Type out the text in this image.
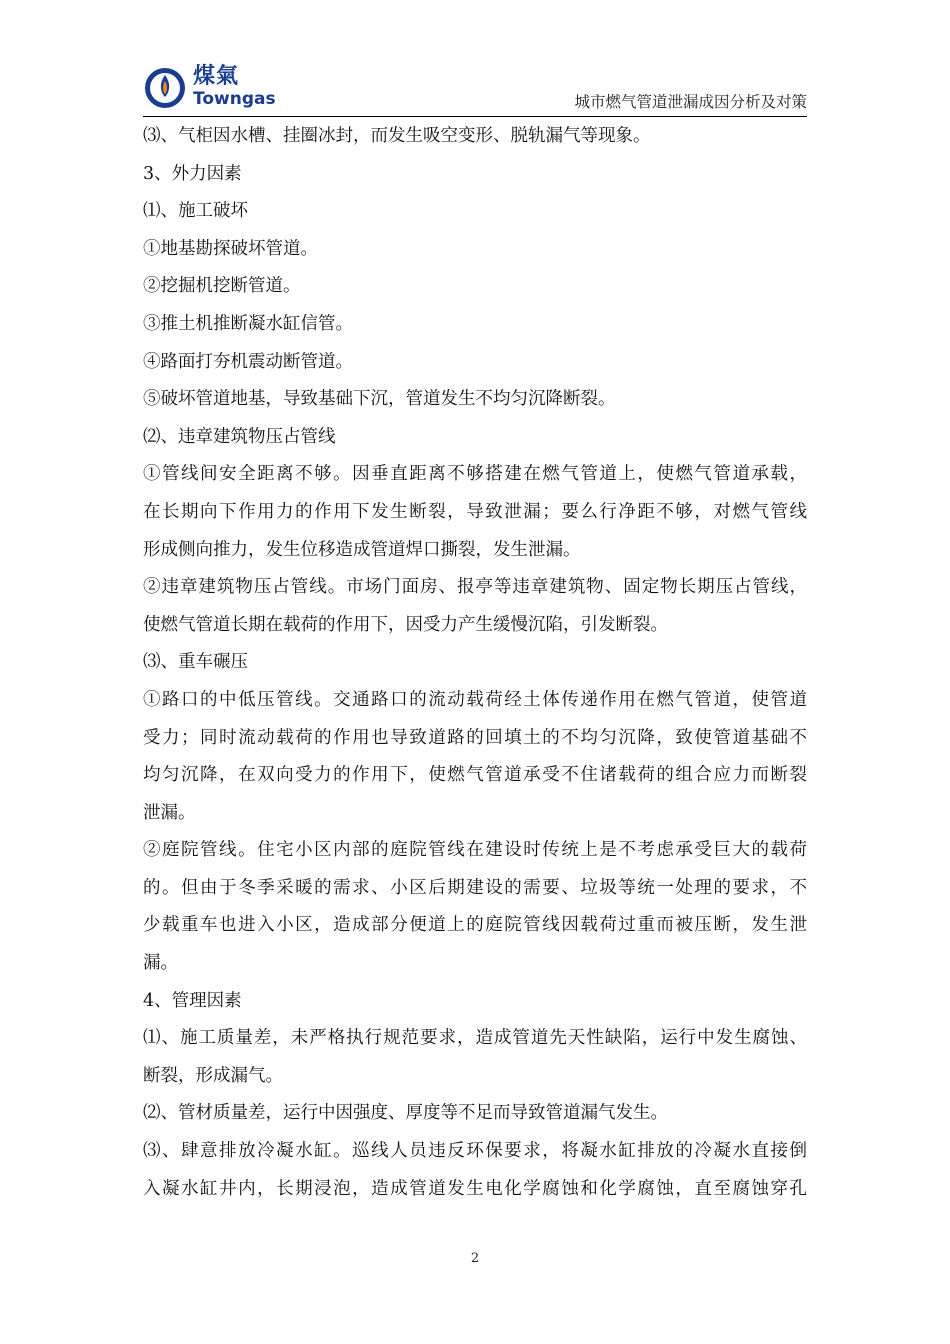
煤氣
Towngas	城市燃气管道泄漏成因分析及对策
⑶、气柜因水槽、挂圈冰封，而发生吸空变形、脱轨漏气等现象。
3、外力因素
⑴、施工破坏
①地基勘探破坏管道。
②挖掘机挖断管道。
③推土机推断凝水缸信管。
④路面打夯机震动断管道。
⑤破坏管道地基，导致基础下沉，管道发生不均匀沉降断裂。
⑵、违章建筑物压占管线
①管线间安全距离不够。因垂直距离不够搭建在燃气管道上，使燃气管道承载，
在长期向下作用力的作用下发生断裂，导致泄漏；要么行净距不够，对燃气管线
形成侧向推力，发生位移造成管道焊口撕裂，发生泄漏。
②违章建筑物压占管线。市场门面房、报亭等违章建筑物、固定物长期压占管线，
使燃气管道长期在载荷的作用下，因受力产生缓慢沉陷，引发断裂。
⑶、重车碾压
①路口的中低压管线。交通路口的流动载荷经土体传递作用在燃气管道，使管道
受力；同时流动载荷的作用也导致道路的回填土的不均匀沉降，致使管道基础不
均匀沉降，在双向受力的作用下，使燃气管道承受不住诸载荷的组合应力而断裂
泄漏。
②庭院管线。住宅小区内部的庭院管线在建设时传统上是不考虑承受巨大的载荷
的。但由于冬季采暖的需求、小区后期建设的需要、垃圾等统一处理的要求，不
少载重车也进入小区，造成部分便道上的庭院管线因载荷过重而被压断，发生泄
漏。
4、管理因素
⑴、施工质量差，未严格执行规范要求，造成管道先天性缺陷，运行中发生腐蚀、
断裂，形成漏气。
⑵、管材质量差，运行中因强度、厚度等不足而导致管道漏气发生。
⑶、肆意排放冷凝水缸。巡线人员违反环保要求，将凝水缸排放的冷凝水直接倒
入凝水缸井内，长期浸泡，造成管道发生电化学腐蚀和化学腐蚀，直至腐蚀穿孔
2
